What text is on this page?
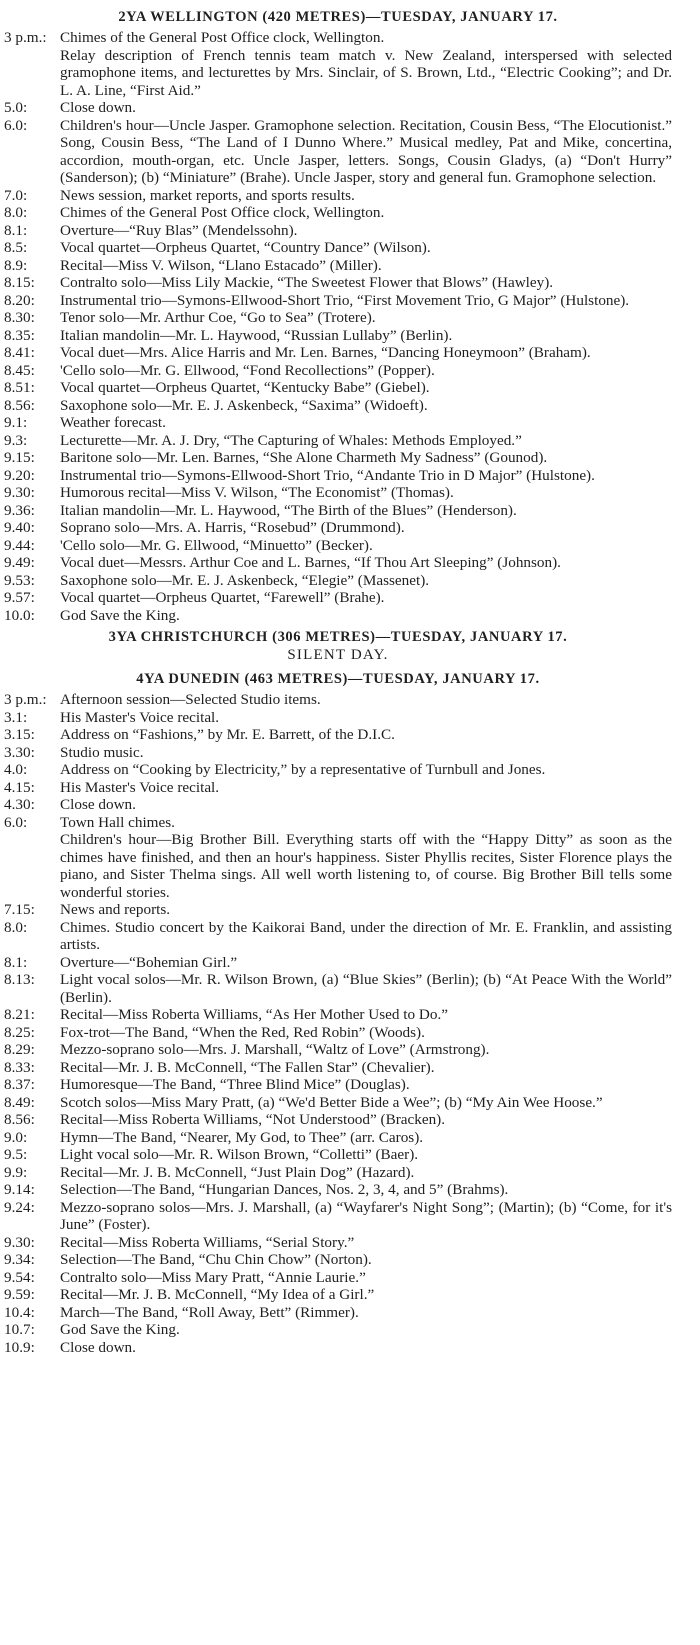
2YA WELLINGTON (420 METRES)—TUESDAY, JANUARY 17.
3 p.m.: Chimes of the General Post Office clock, Wellington.
Relay description of French tennis team match v. New Zealand, interspersed with selected gramophone items, and lecturettes by Mrs. Sinclair, of S. Brown, Ltd., “Electric Cooking”; and Dr. L. A. Line, “First Aid.”
5.0:	Close down.
6.0:	Children's hour—Uncle Jasper. Gramophone selection. Recitation, Cousin Bess, “The Elocutionist.” Song, Cousin Bess, “The Land of I Dunno Where.” Musical medley, Pat and Mike, concertina, accordion, mouth-organ, etc. Uncle Jasper, letters. Songs, Cousin Gladys, (a) “Don't Hurry” (Sanderson); (b) “Miniature” (Brahe). Uncle Jasper, story and general fun. Gramophone selection.
7.0:	News session, market reports, and sports results.
8.0:	Chimes of the General Post Office clock, Wellington.
8.1:	Overture—“Ruy Blas” (Mendelssohn).
8.5:	Vocal quartet—Orpheus Quartet, “Country Dance” (Wilson).
8.9:	Recital—Miss V. Wilson, “Llano Estacado” (Miller).
8.15:	Contralto solo—Miss Lily Mackie, “The Sweetest Flower that Blows” (Hawley).
8.20:	Instrumental trio—Symons-Ellwood-Short Trio, “First Movement Trio, G Major” (Hulstone).
8.30:	Tenor solo—Mr. Arthur Coe, “Go to Sea” (Trotere).
8.35:	Italian mandolin—Mr. L. Haywood, “Russian Lullaby” (Berlin).
8.41:	Vocal duet—Mrs. Alice Harris and Mr. Len. Barnes, “Dancing Honeymoon” (Braham).
8.45:	'Cello solo—Mr. G. Ellwood, “Fond Recollections” (Popper).
8.51:	Vocal quartet—Orpheus Quartet, “Kentucky Babe” (Giebel).
8.56:	Saxophone solo—Mr. E. J. Askenbeck, “Saxima” (Widoeft).
9.1:	Weather forecast.
9.3:	Lecturette—Mr. A. J. Dry, “The Capturing of Whales: Methods Employed.”
9.15:	Baritone solo—Mr. Len. Barnes, “She Alone Charmeth My Sadness” (Gounod).
9.20:	Instrumental trio—Symons-Ellwood-Short Trio, “Andante Trio in D Major” (Hulstone).
9.30:	Humorous recital—Miss V. Wilson, “The Economist” (Thomas).
9.36:	Italian mandolin—Mr. L. Haywood, “The Birth of the Blues” (Henderson).
9.40:	Soprano solo—Mrs. A. Harris, “Rosebud” (Drummond).
9.44:	'Cello solo—Mr. G. Ellwood, “Minuetto” (Becker).
9.49:	Vocal duet—Messrs. Arthur Coe and L. Barnes, “If Thou Art Sleeping” (Johnson).
9.53:	Saxophone solo—Mr. E. J. Askenbeck, “Elegie” (Massenet).
9.57:	Vocal quartet—Orpheus Quartet, “Farewell” (Brahe).
10.0:	God Save the King.
3YA CHRISTCHURCH (306 METRES)—TUESDAY, JANUARY 17.
SILENT DAY.
4YA DUNEDIN (463 METRES)—TUESDAY, JANUARY 17.
3 p.m.: Afternoon session—Selected Studio items.
3.1:	His Master's Voice recital.
3.15:	Address on “Fashions,” by Mr. E. Barrett, of the D.I.C.
3.30:	Studio music.
4.0:	Address on “Cooking by Electricity,” by a representative of Turnbull and Jones.
4.15:	His Master's Voice recital.
4.30:	Close down.
6.0:	Town Hall chimes.
Children's hour—Big Brother Bill. Everything starts off with the “Happy Ditty” as soon as the chimes have finished, and then an hour's happiness. Sister Phyllis recites, Sister Florence plays the piano, and Sister Thelma sings. All well worth listening to, of course. Big Brother Bill tells some wonderful stories.
7.15:	News and reports.
8.0:	Chimes. Studio concert by the Kaikorai Band, under the direction of Mr. E. Franklin, and assisting artists.
8.1:	Overture—“Bohemian Girl.”
8.13:	Light vocal solos—Mr. R. Wilson Brown, (a) “Blue Skies” (Berlin); (b) “At Peace With the World” (Berlin).
8.21:	Recital—Miss Roberta Williams, “As Her Mother Used to Do.”
8.25:	Fox-trot—The Band, “When the Red, Red Robin” (Woods).
8.29:	Mezzo-soprano solo—Mrs. J. Marshall, “Waltz of Love” (Armstrong).
8.33:	Recital—Mr. J. B. McConnell, “The Fallen Star” (Chevalier).
8.37:	Humoresque—The Band, “Three Blind Mice” (Douglas).
8.49:	Scotch solos—Miss Mary Pratt, (a) “We'd Better Bide a Wee”; (b) “My Ain Wee Hoose.”
8.56:	Recital—Miss Roberta Williams, “Not Understood” (Bracken).
9.0:	Hymn—The Band, “Nearer, My God, to Thee” (arr. Caros).
9.5:	Light vocal solo—Mr. R. Wilson Brown, “Colletti” (Baer).
9.9:	Recital—Mr. J. B. McConnell, “Just Plain Dog” (Hazard).
9.14:	Selection—The Band, “Hungarian Dances, Nos. 2, 3, 4, and 5” (Brahms).
9.24:	Mezzo-soprano solos—Mrs. J. Marshall, (a) “Wayfarer's Night Song”; (Martin); (b) “Come, for it's June” (Foster).
9.30:	Recital—Miss Roberta Williams, “Serial Story.”
9.34:	Selection—The Band, “Chu Chin Chow” (Norton).
9.54:	Contralto solo—Miss Mary Pratt, “Annie Laurie.”
9.59:	Recital—Mr. J. B. McConnell, “My Idea of a Girl.”
10.4:	March—The Band, “Roll Away, Bett” (Rimmer).
10.7:	God Save the King.
10.9:	Close down.
